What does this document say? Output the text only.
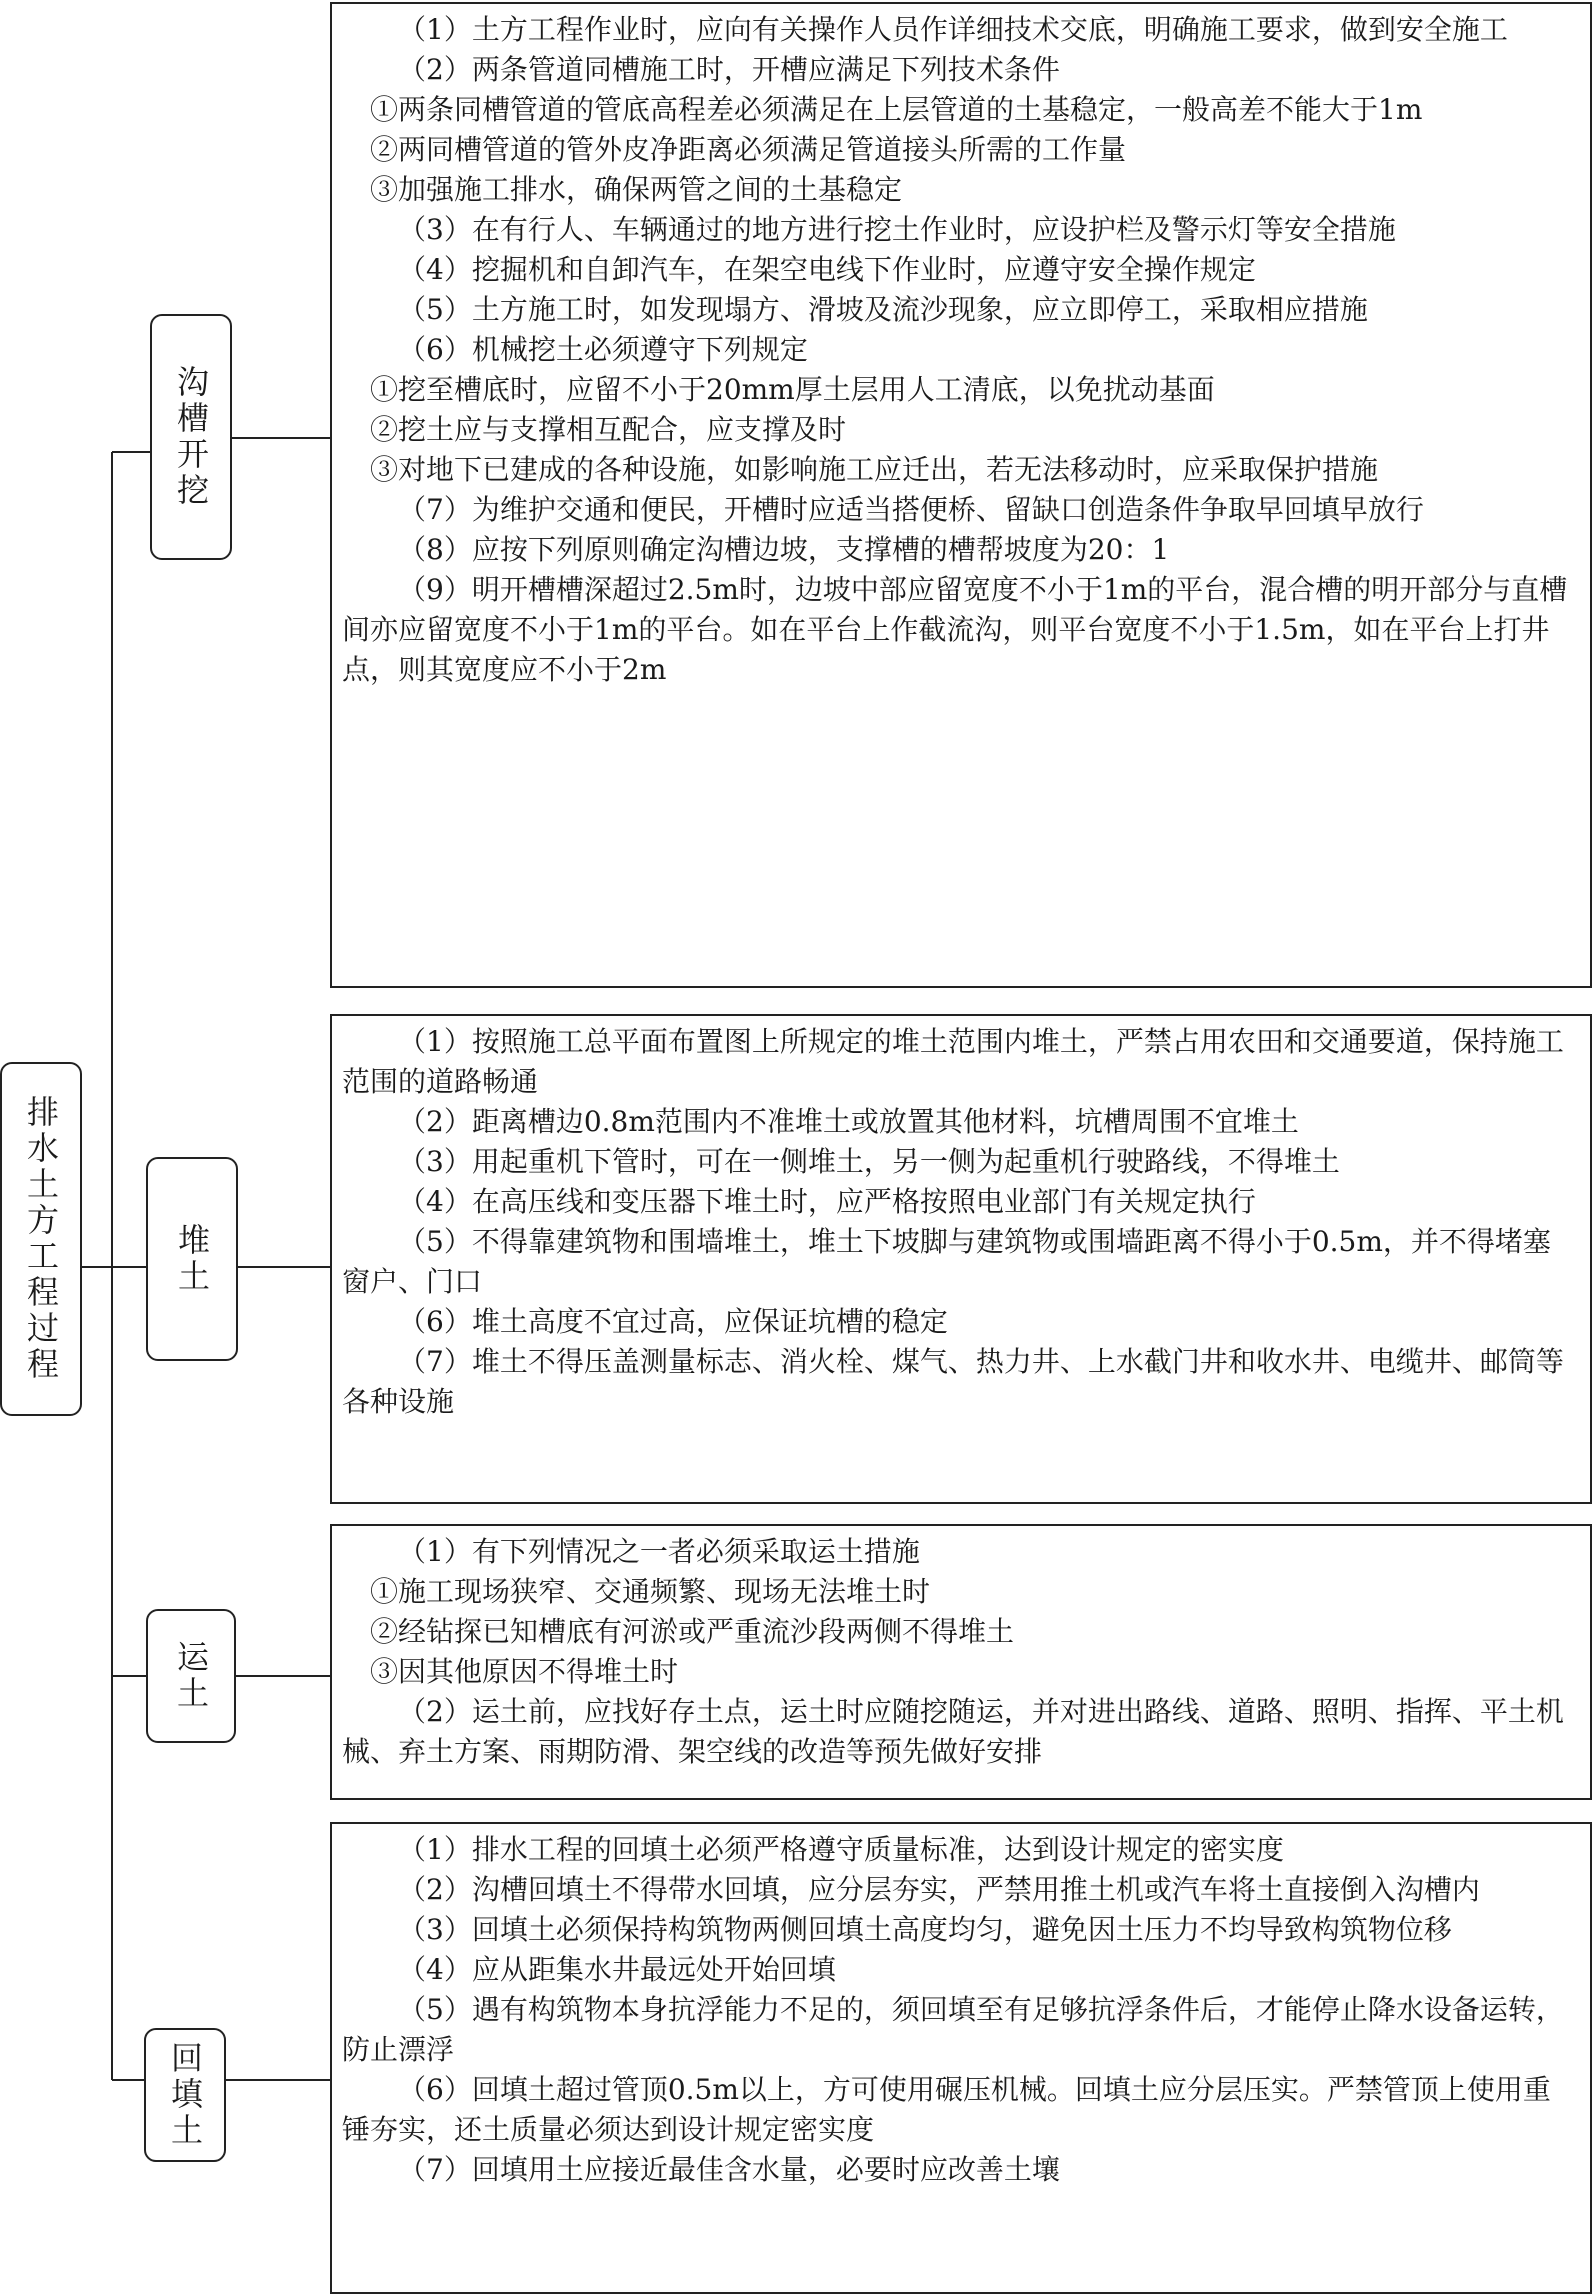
排水土方工程过程
沟槽开挖
堆土
运土
回填土
（1）土方工程作业时，应向有关操作人员作详细技术交底，明确施工要求，做到安全施工
（2）两条管道同槽施工时，开槽应满足下列技术条件
①两条同槽管道的管底高程差必须满足在上层管道的土基稳定，一般高差不能大于1m
②两同槽管道的管外皮净距离必须满足管道接头所需的工作量
③加强施工排水，确保两管之间的土基稳定
（3）在有行人、车辆通过的地方进行挖土作业时，应设护栏及警示灯等安全措施
（4）挖掘机和自卸汽车，在架空电线下作业时，应遵守安全操作规定
（5）土方施工时，如发现塌方、滑坡及流沙现象，应立即停工，采取相应措施
（6）机械挖土必须遵守下列规定
①挖至槽底时，应留不小于20mm厚土层用人工清底，以免扰动基面
②挖土应与支撑相互配合，应支撑及时
③对地下已建成的各种设施，如影响施工应迁出，若无法移动时，应采取保护措施
（7）为维护交通和便民，开槽时应适当搭便桥、留缺口创造条件争取早回填早放行
（8）应按下列原则确定沟槽边坡，支撑槽的槽帮坡度为20：1
（9）明开槽槽深超过2.5m时，边坡中部应留宽度不小于1m的平台，混合槽的明开部分与直槽间亦应留宽度不小于1m的平台。如在平台上作截流沟，则平台宽度不小于1.5m，如在平台上打井点，则其宽度应不小于2m
（1）按照施工总平面布置图上所规定的堆土范围内堆土，严禁占用农田和交通要道，保持施工范围的道路畅通
（2）距离槽边0.8m范围内不准堆土或放置其他材料，坑槽周围不宜堆土
（3）用起重机下管时，可在一侧堆土，另一侧为起重机行驶路线，不得堆土
（4）在高压线和变压器下堆土时，应严格按照电业部门有关规定执行
（5）不得靠建筑物和围墙堆土，堆土下坡脚与建筑物或围墙距离不得小于0.5m，并不得堵塞窗户、门口
（6）堆土高度不宜过高，应保证坑槽的稳定
（7）堆土不得压盖测量标志、消火栓、煤气、热力井、上水截门井和收水井、电缆井、邮筒等各种设施
（1）有下列情况之一者必须采取运土措施
①施工现场狭窄、交通频繁、现场无法堆土时
②经钻探已知槽底有河淤或严重流沙段两侧不得堆土
③因其他原因不得堆土时
（2）运土前，应找好存土点，运土时应随挖随运，并对进出路线、道路、照明、指挥、平土机械、弃土方案、雨期防滑、架空线的改造等预先做好安排
（1）排水工程的回填土必须严格遵守质量标准，达到设计规定的密实度
（2）沟槽回填土不得带水回填，应分层夯实，严禁用推土机或汽车将土直接倒入沟槽内
（3）回填土必须保持构筑物两侧回填土高度均匀，避免因土压力不均导致构筑物位移
（4）应从距集水井最远处开始回填
（5）遇有构筑物本身抗浮能力不足的，须回填至有足够抗浮条件后，才能停止降水设备运转，防止漂浮
（6）回填土超过管顶0.5m以上，方可使用碾压机械。回填土应分层压实。严禁管顶上使用重锤夯实，还土质量必须达到设计规定密实度
（7）回填用土应接近最佳含水量，必要时应改善土壤
